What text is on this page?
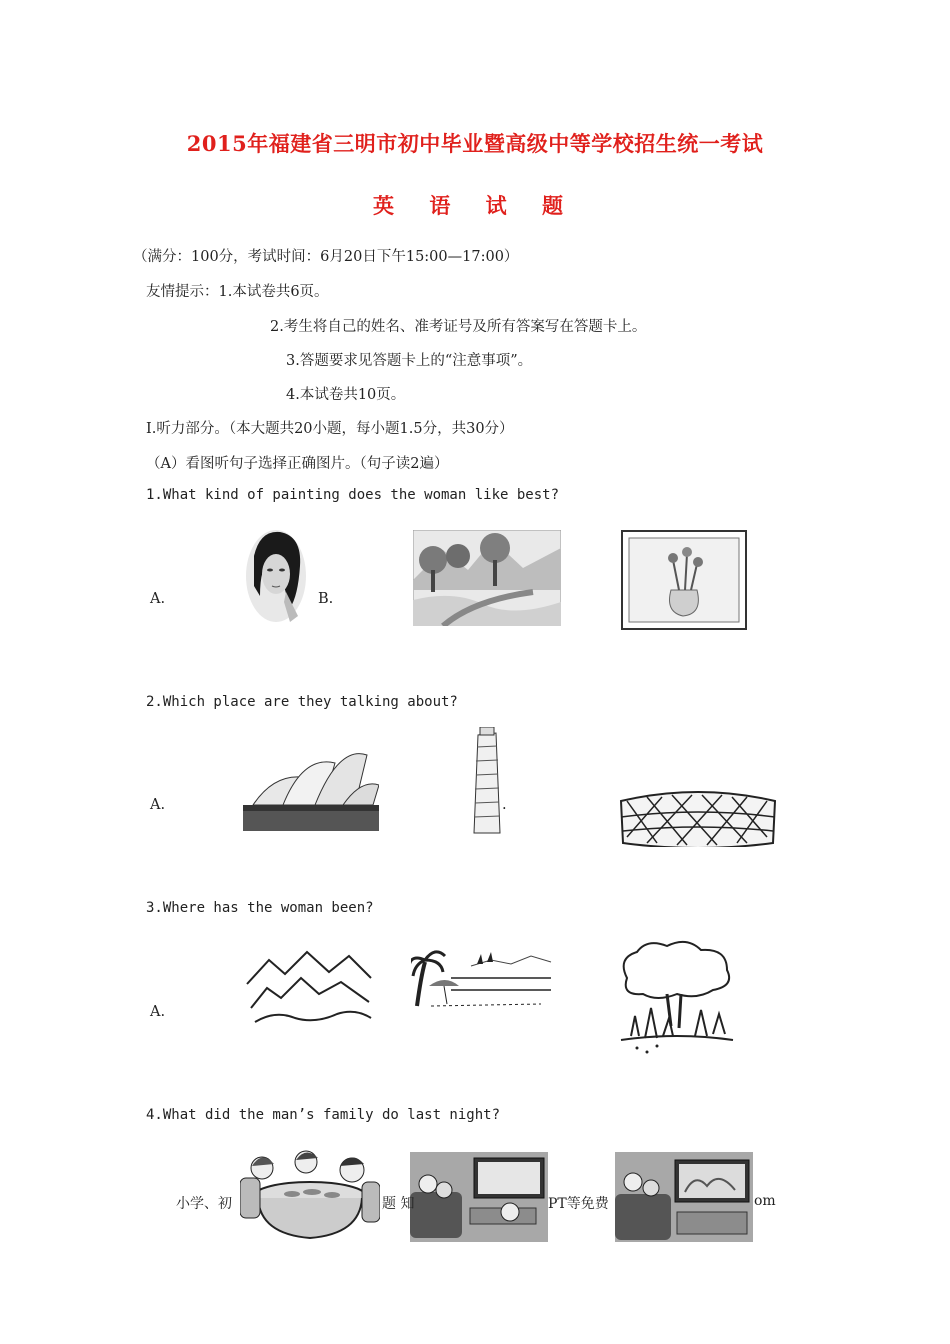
2015年福建省三明市初中毕业暨高级中等学校招生统一考试
英 语 试 题
（满分：100分，考试时间：6月20日下午15:00—17:00）
友情提示：1.本试卷共6页。
2.考生将自己的姓名、准考证号及所有答案写在答题卡上。
3.答题要求见答题卡上的“注意事项”。
4.本试卷共10页。
I.听力部分。（本大题共20小题，每小题1.5分，共30分）
（A）看图听句子选择正确图片。（句子读2遍）
1.What kind of painting does the woman like best?
A.	B.
2.Which place are they talking about?
A.	.
3.Where has the woman been?
A.
4.What did the man’s family do last night?
小学、初	题 知	PT等免费	om
